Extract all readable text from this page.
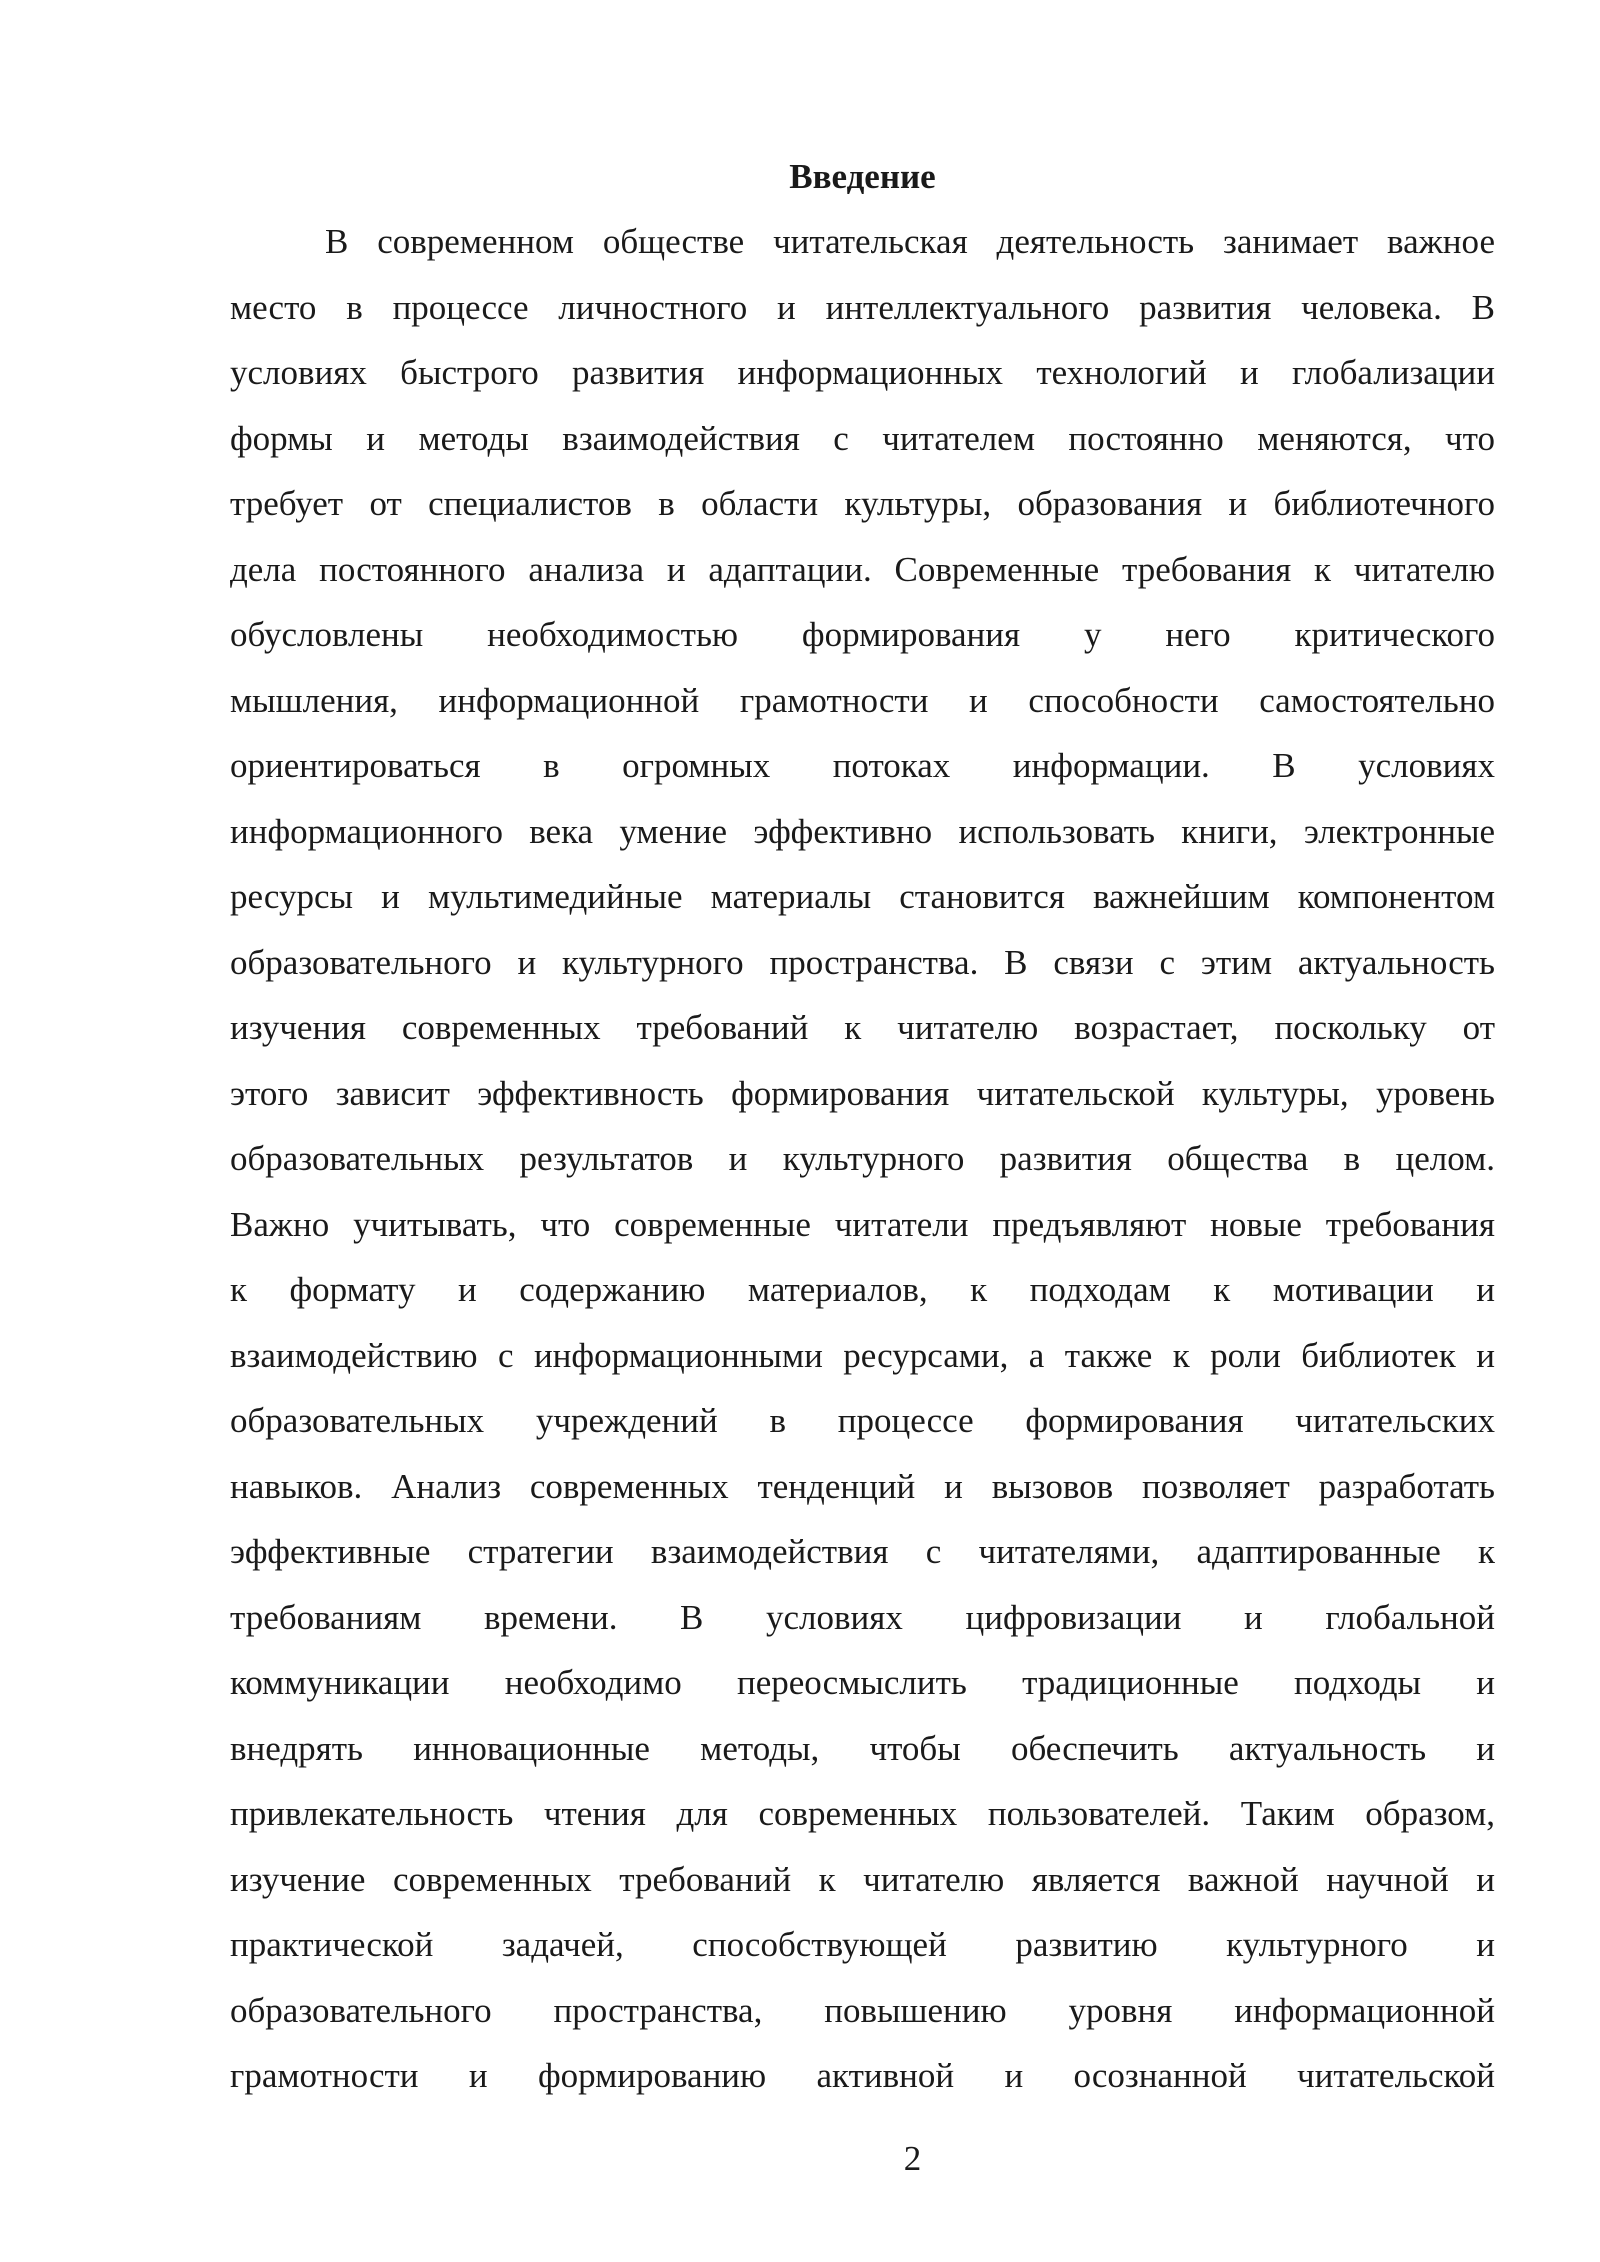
Введение
В современном обществе читательская деятельность занимает важное
место в процессе личностного и интеллектуального развития человека. В
условиях быстрого развития информационных технологий и глобализации
формы и методы взаимодействия с читателем постоянно меняются, что
требует от специалистов в области культуры, образования и библиотечного
дела постоянного анализа и адаптации. Современные требования к читателю
обусловлены необходимостью формирования у него критического
мышления, информационной грамотности и способности самостоятельно
ориентироваться в огромных потоках информации. В условиях
информационного века умение эффективно использовать книги, электронные
ресурсы и мультимедийные материалы становится важнейшим компонентом
образовательного и культурного пространства. В связи с этим актуальность
изучения современных требований к читателю возрастает, поскольку от
этого зависит эффективность формирования читательской культуры, уровень
образовательных результатов и культурного развития общества в целом.
Важно учитывать, что современные читатели предъявляют новые требования
к формату и содержанию материалов, к подходам к мотивации и
взаимодействию с информационными ресурсами, а также к роли библиотек и
образовательных учреждений в процессе формирования читательских
навыков. Анализ современных тенденций и вызовов позволяет разработать
эффективные стратегии взаимодействия с читателями, адаптированные к
требованиям времени. В условиях цифровизации и глобальной
коммуникации необходимо переосмыслить традиционные подходы и
внедрять инновационные методы, чтобы обеспечить актуальность и
привлекательность чтения для современных пользователей. Таким образом,
изучение современных требований к читателю является важной научной и
практической задачей, способствующей развитию культурного и
образовательного пространства, повышению уровня информационной
грамотности и формированию активной и осознанной читательской
2
